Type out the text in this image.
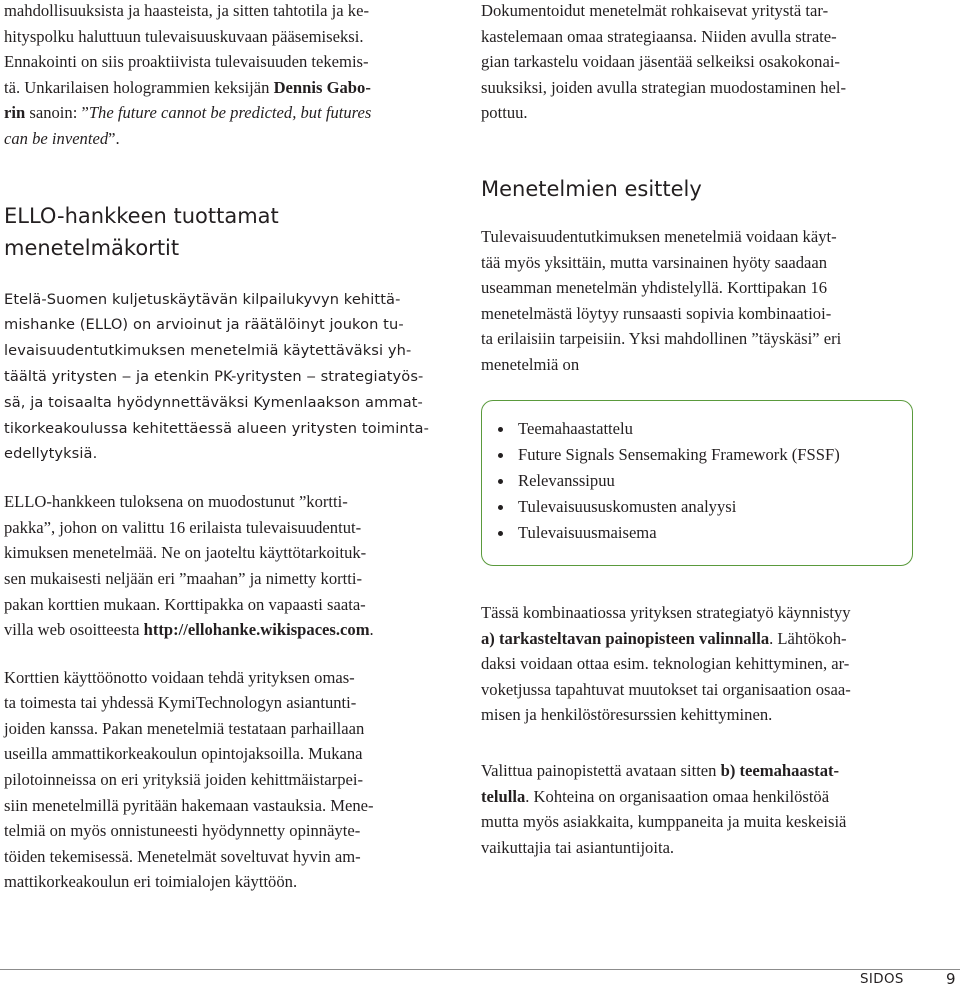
mahdollisuuksista ja haasteista, ja sitten tahtotila ja ke-
hityspolku haluttuun tulevaisuuskuvaan pääsemiseksi.
Ennakointi on siis proaktiivista tulevaisuuden tekemis-
tä. Unkarilaisen hologrammien keksijän Dennis Gabo-
rin sanoin: ”The future cannot be predicted, but futures
can be invented”.
ELLO-hankkeen tuottamat
menetelmäkortit
Etelä-Suomen kuljetuskäytävän kilpailukyvyn kehittä-
mishanke (ELLO) on arvioinut ja räätälöinyt joukon tu-
levaisuudentutkimuksen menetelmiä käytettäväksi yh-
täältä yritysten ‒ ja etenkin PK-yritysten ‒ strategiatyös-
sä, ja toisaalta hyödynnettäväksi Kymenlaakson ammat-
tikorkeakoulussa kehitettäessä alueen yritysten toiminta-
edellytyksiä.
ELLO-hankkeen tuloksena on muodostunut ”kortti-
pakka”, johon on valittu 16 erilaista tulevaisuudentut-
kimuksen menetelmää. Ne on jaoteltu käyttötarkoituk-
sen mukaisesti neljään eri ”maahan” ja nimetty kortti-
pakan korttien mukaan. Korttipakka on vapaasti saata-
villa web osoitteesta http://ellohanke.wikispaces.com.
Korttien käyttöönotto voidaan tehdä yrityksen omas-
ta toimesta tai yhdessä KymiTechnologyn asiantunti-
joiden kanssa. Pakan menetelmiä testataan parhaillaan
useilla ammattikorkeakoulun opintojaksoilla. Mukana
pilotoinneissa on eri yrityksiä joiden kehittmäistarpei-
siin menetelmillä pyritään hakemaan vastauksia. Mene-
telmiä on myös onnistuneesti hyödynnetty opinnäyte-
töiden tekemisessä. Menetelmät soveltuvat hyvin am-
mattikorkeakoulun eri toimialojen käyttöön.
Dokumentoidut menetelmät rohkaisevat yritystä tar-
kastelemaan omaa strategiaansa. Niiden avulla strate-
gian tarkastelu voidaan jäsentää selkeiksi osakokonai-
suuksiksi, joiden avulla strategian muodostaminen hel-
pottuu.
Menetelmien esittely
Tulevaisuudentutkimuksen menetelmiä voidaan käyt-
tää myös yksittäin, mutta varsinainen hyöty saadaan
useamman menetelmän yhdistelyllä. Korttipakan 16
menetelmästä löytyy runsaasti sopivia kombinaatioi-
ta erilaisiin tarpeisiin. Yksi mahdollinen ”täyskäsi” eri
menetelmiä on
Tässä kombinaatiossa yrityksen strategiatyö käynnistyy
a) tarkasteltavan painopisteen valinnalla. Lähtökoh-
daksi voidaan ottaa esim. teknologian kehittyminen, ar-
voketjussa tapahtuvat muutokset tai organisaation osaa-
misen ja henkilöstöresurssien kehittyminen.
Valittua painopistettä avataan sitten b) teemahaastat-
telulla. Kohteina on organisaation omaa henkilöstöä
mutta myös asiakkaita, kumppaneita ja muita keskeisiä
vaikuttajia tai asiantuntijoita.
Teemahaastattelu
Future Signals Sensemaking Framework (FSSF)
Relevanssipuu
Tulevaisuususkomusten analyysi
Tulevaisuusmaisema
SIDOS	9
